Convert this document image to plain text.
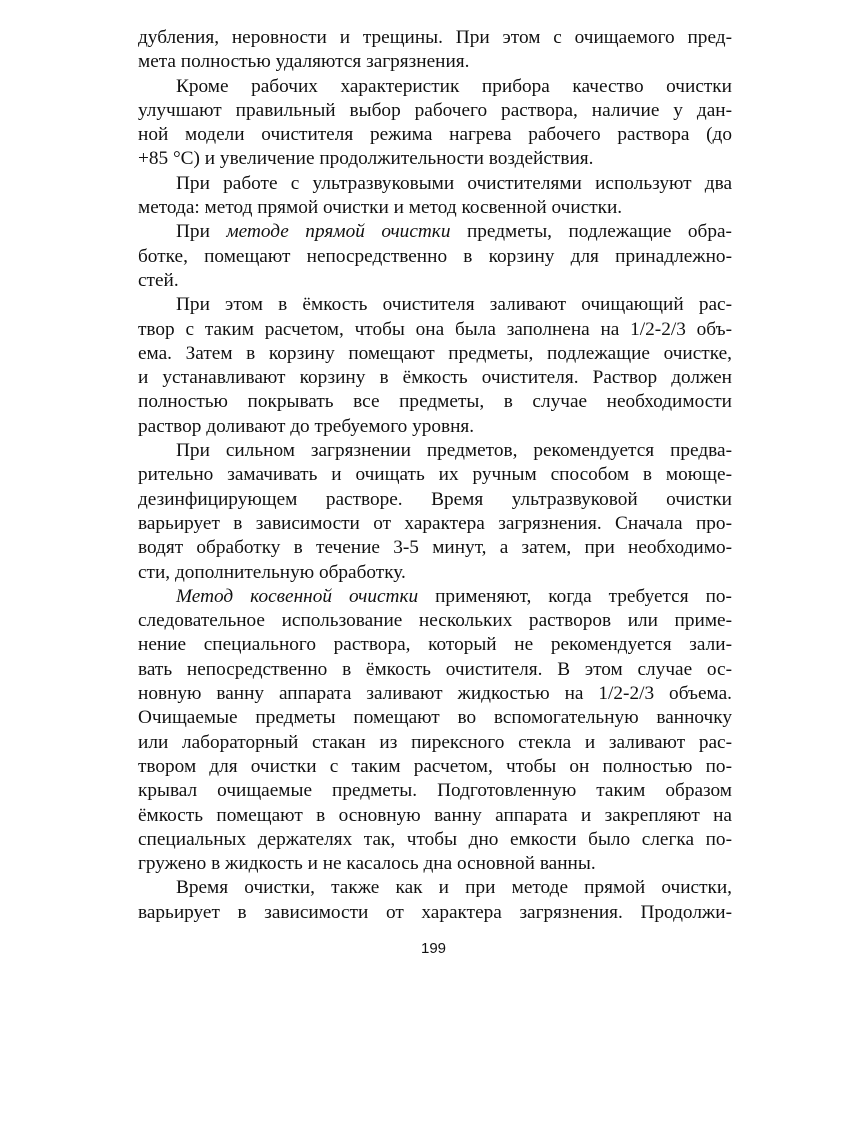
дубления, неровности и трещины. При этом с очищаемого пред-
мета полностью удаляются загрязнения.
Кроме рабочих характеристик прибора качество очистки
улучшают правильный выбор рабочего раствора, наличие у дан-
ной модели очистителя режима нагрева рабочего раствора (до
+85 °С) и увеличение продолжительности воздействия.
При работе с ультразвуковыми очистителями используют два
метода: метод прямой очистки и метод косвенной очистки.
При методе прямой очистки предметы, подлежащие обра-
ботке, помещают непосредственно в корзину для принадлежно-
стей.
При этом в ёмкость очистителя заливают очищающий рас-
твор с таким расчетом, чтобы она была заполнена на 1/2-2/3 объ-
ема. Затем в корзину помещают предметы, подлежащие очистке,
и устанавливают корзину в ёмкость очистителя. Раствор должен
полностью покрывать все предметы, в случае необходимости
раствор доливают до требуемого уровня.
При сильном загрязнении предметов, рекомендуется предва-
рительно замачивать и очищать их ручным способом в моюще-
дезинфицирующем растворе. Время ультразвуковой очистки
варьирует в зависимости от характера загрязнения. Сначала про-
водят обработку в течение 3-5 минут, а затем, при необходимо-
сти, дополнительную обработку.
Метод косвенной очистки применяют, когда требуется по-
следовательное использование нескольких растворов или приме-
нение специального раствора, который не рекомендуется зали-
вать непосредственно в ёмкость очистителя. В этом случае ос-
новную ванну аппарата заливают жидкостью на 1/2-2/3 объема.
Очищаемые предметы помещают во вспомогательную ванночку
или лабораторный стакан из пирексного стекла и заливают рас-
твором для очистки с таким расчетом, чтобы он полностью по-
крывал очищаемые предметы. Подготовленную таким образом
ёмкость помещают в основную ванну аппарата и закрепляют на
специальных держателях так, чтобы дно емкости было слегка по-
гружено в жидкость и не касалось дна основной ванны.
Время очистки, также как и при методе прямой очистки,
варьирует в зависимости от характера загрязнения. Продолжи-
199
